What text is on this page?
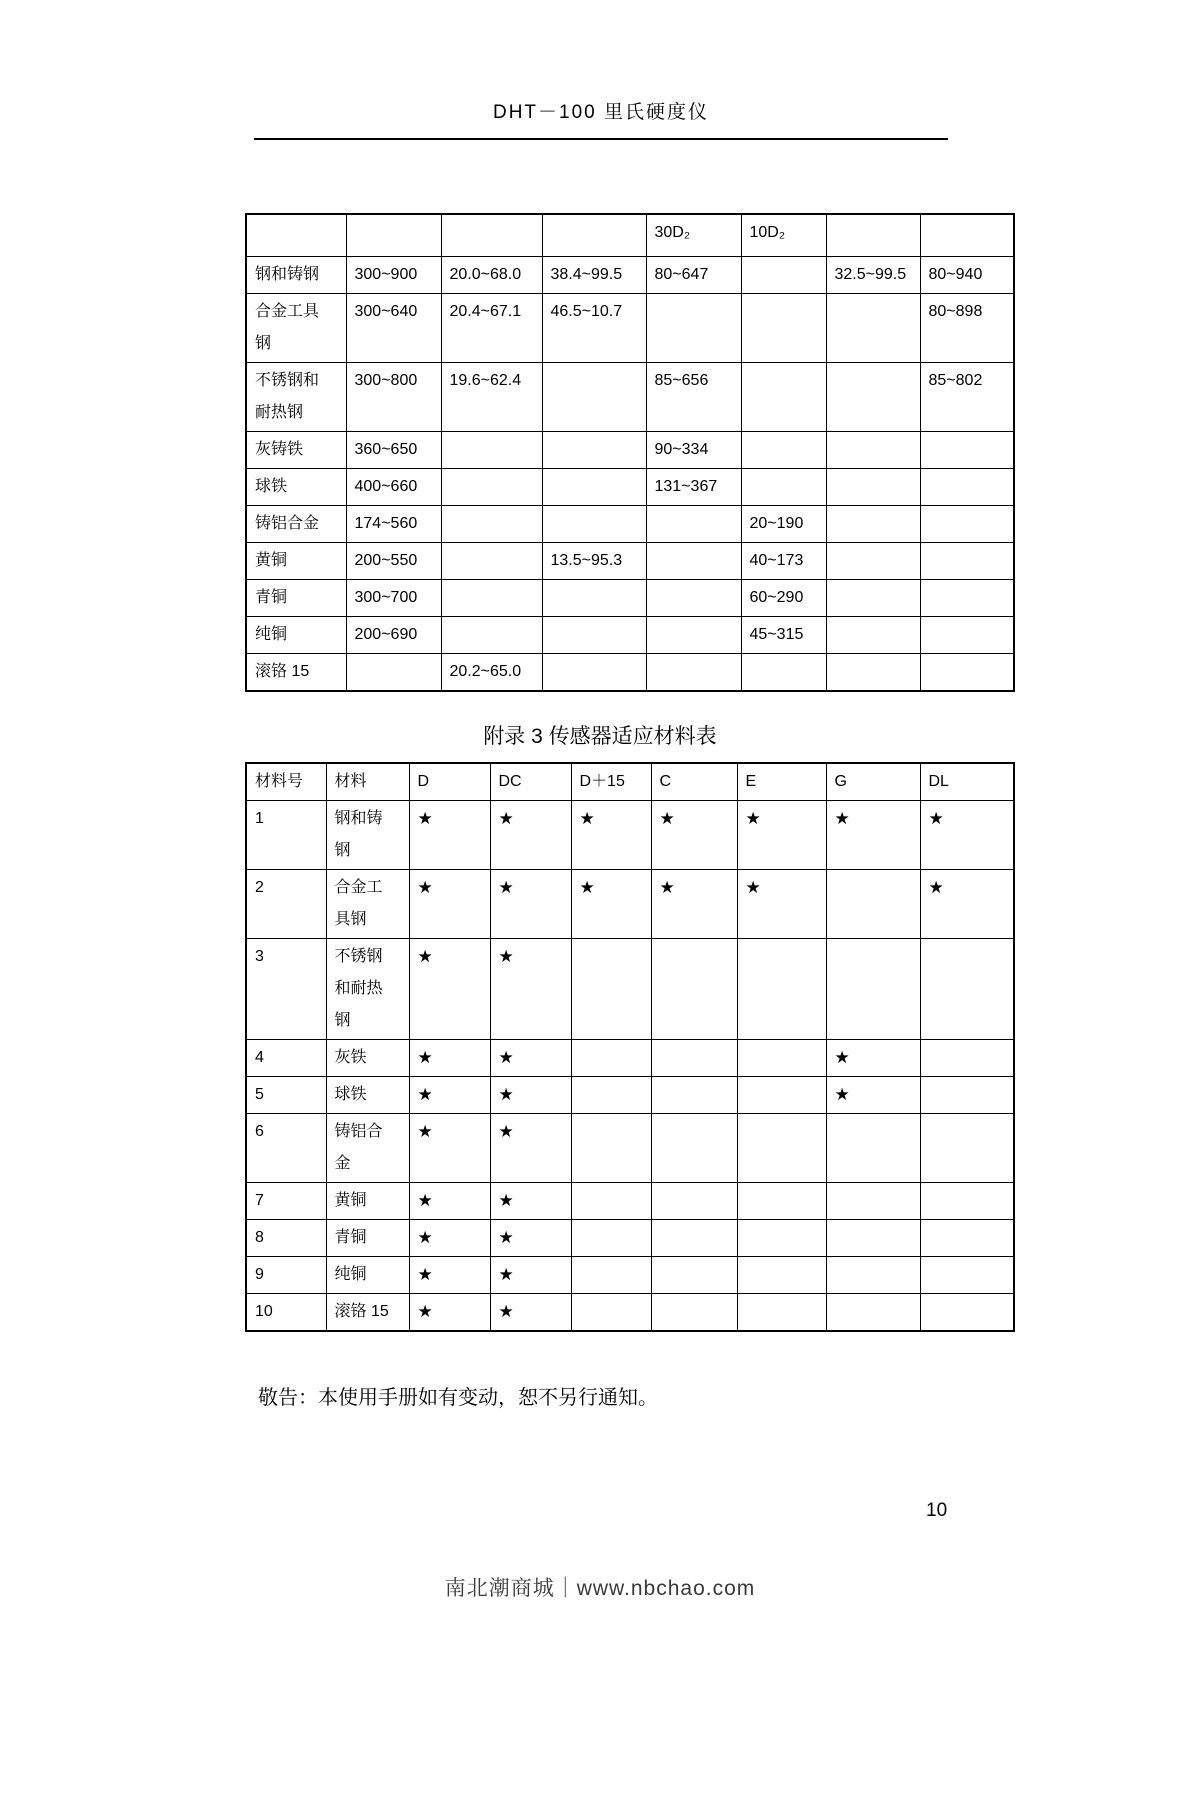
DHT－100 里氏硬度仪
				30D₂	10D₂		
钢和铸钢	300~900	20.0~68.0	38.4~99.5	80~647		32.5~99.5	80~940
合金工具钢	300~640	20.4~67.1	46.5~10.7				80~898
不锈钢和耐热钢	300~800	19.6~62.4		85~656			85~802
灰铸铁	360~650			90~334			
球铁	400~660			131~367			
铸铝合金	174~560				20~190		
黄铜	200~550		13.5~95.3		40~173		
青铜	300~700				60~290		
纯铜	200~690				45~315		
滚铬 15		20.2~65.0					
附录 3 传感器适应材料表
材料号	材料	D	DC	D＋15	C	E	G	DL
1	钢和铸钢	★	★	★	★	★	★	★
2	合金工具钢	★	★	★	★	★		★
3	不锈钢和耐热钢	★	★					
4	灰铁	★	★				★	
5	球铁	★	★				★	
6	铸铝合金	★	★					
7	黄铜	★	★					
8	青铜	★	★					
9	纯铜	★	★					
10	滚铬 15	★	★					
敬告：本使用手册如有变动，恕不另行通知。
10
南北潮商城｜www.nbchao.com
